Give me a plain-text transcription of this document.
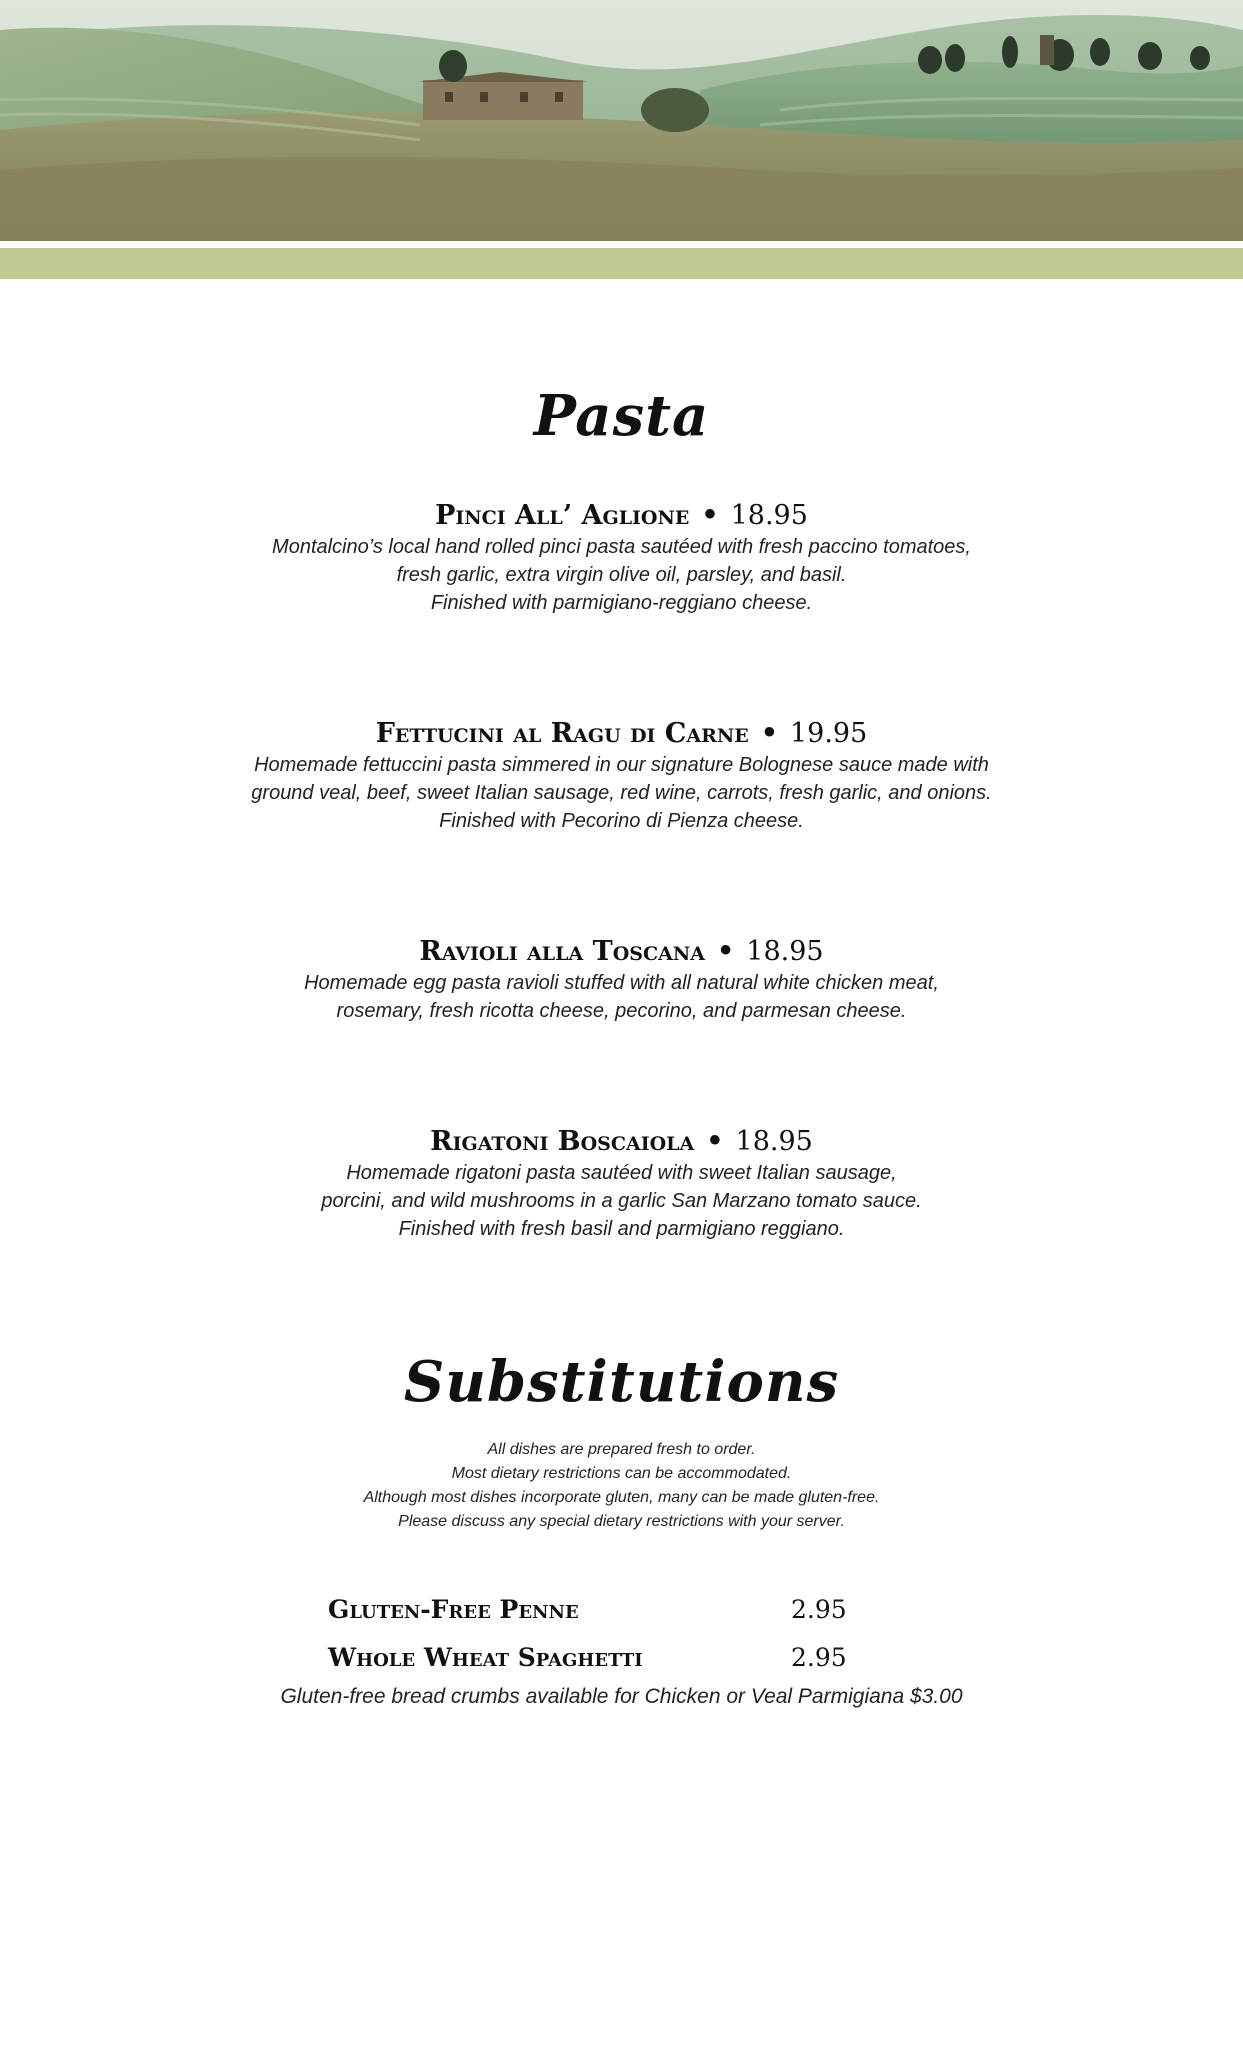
Pasta
Pinci All’ Aglione • 18.95
Montalcino’s local hand rolled pinci pasta sautéed with fresh paccino tomatoes,
fresh garlic, extra virgin olive oil, parsley, and basil.
Finished with parmigiano-reggiano cheese.
Fettucini al Ragu di Carne • 19.95
Homemade fettuccini pasta simmered in our signature Bolognese sauce made with
ground veal, beef, sweet Italian sausage, red wine, carrots, fresh garlic, and onions.
Finished with Pecorino di Pienza cheese.
Ravioli alla Toscana • 18.95
Homemade egg pasta ravioli stuffed with all natural white chicken meat,
rosemary, fresh ricotta cheese, pecorino, and parmesan cheese.
Rigatoni Boscaiola • 18.95
Homemade rigatoni pasta sautéed with sweet Italian sausage,
porcini, and wild mushrooms in a garlic San Marzano tomato sauce.
Finished with fresh basil and parmigiano reggiano.
Substitutions
All dishes are prepared fresh to order.
Most dietary restrictions can be accommodated.
Although most dishes incorporate gluten, many can be made gluten-free.
Please discuss any special dietary restrictions with your server.
Gluten-Free Penne	2.95
Whole Wheat Spaghetti	2.95
Gluten-free bread crumbs available for Chicken or Veal Parmigiana $3.00
